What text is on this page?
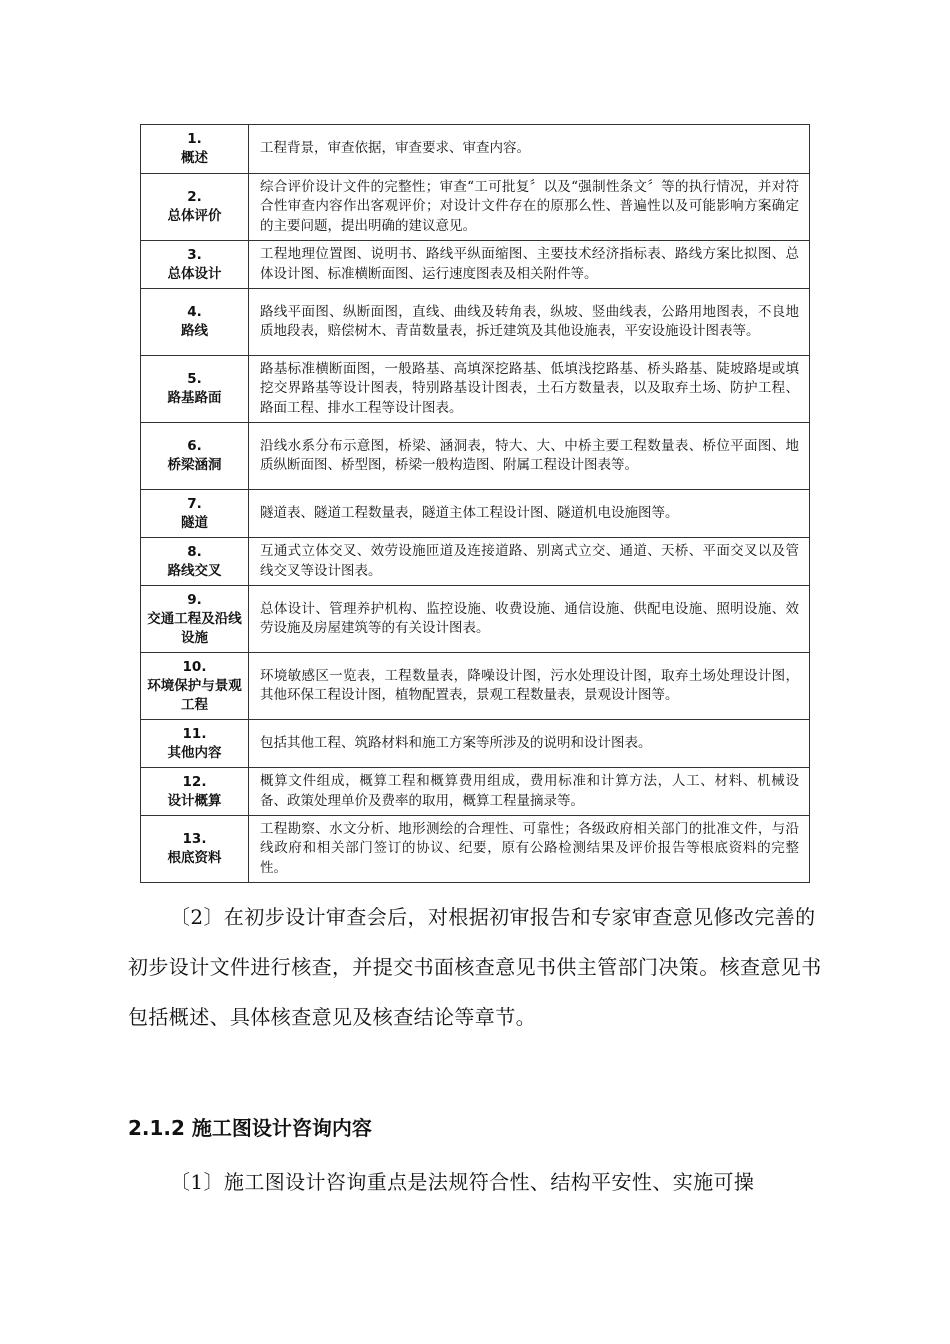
1.
概述	工程背景，审查依据，审查要求、审查内容。

2.
总体评价	综合评价设计文件的完整性；审查“工可批复〞以及“强制性条文〞等的执行情况，并对符合性审查内容作出客观评价；对设计文件存在的原那么性、普遍性以及可能影响方案确定的主要问题，提出明确的建议意见。

3.
总体设计	工程地理位置图、说明书、路线平纵面缩图、主要技术经济指标表、路线方案比拟图、总体设计图、标准横断面图、运行速度图表及相关附件等。

4.
路线	路线平面图、纵断面图，直线、曲线及转角表，纵坡、竖曲线表，公路用地图表，不良地质地段表，赔偿树木、青苗数量表，拆迁建筑及其他设施表，平安设施设计图表等。

5.
路基路面	路基标准横断面图，一般路基、高填深挖路基、低填浅挖路基、桥头路基、陡坡路堤或填挖交界路基等设计图表，特别路基设计图表，土石方数量表，以及取弃土场、防护工程、路面工程、排水工程等设计图表。

6.
桥梁涵洞	沿线水系分布示意图，桥梁、涵洞表，特大、大、中桥主要工程数量表、桥位平面图、地质纵断面图、桥型图，桥梁一般构造图、附属工程设计图表等。

7.
隧道	隧道表、隧道工程数量表，隧道主体工程设计图、隧道机电设施图等。

8.
路线交叉	互通式立体交叉、效劳设施匝道及连接道路、别离式立交、通道、天桥、平面交叉以及管线交叉等设计图表。

9.
交通工程及沿线设施	总体设计、管理养护机构、监控设施、收费设施、通信设施、供配电设施、照明设施、效劳设施及房屋建筑等的有关设计图表。

10.
环境保护与景观工程	环境敏感区一览表，工程数量表，降噪设计图，污水处理设计图，取弃土场处理设计图，其他环保工程设计图，植物配置表，景观工程数量表，景观设计图等。

11.
其他内容	包括其他工程、筑路材料和施工方案等所涉及的说明和设计图表。

12.
设计概算	概算文件组成，概算工程和概算费用组成，费用标准和计算方法，人工、材料、机械设备、政策处理单价及费率的取用，概算工程量摘录等。

13.
根底资料	工程勘察、水文分析、地形测绘的合理性、可靠性；各级政府相关部门的批准文件，与沿线政府和相关部门签订的协议、纪要，原有公路检测结果及评价报告等根底资料的完整性。

〔2〕在初步设计审查会后，对根据初审报告和专家审查意见修改完善的初步设计文件进行核查，并提交书面核查意见书供主管部门决策。核查意见书包括概述、具体核查意见及核查结论等章节。

2.1.2 施工图设计咨询内容

〔1〕施工图设计咨询重点是法规符合性、结构平安性、实施可操
